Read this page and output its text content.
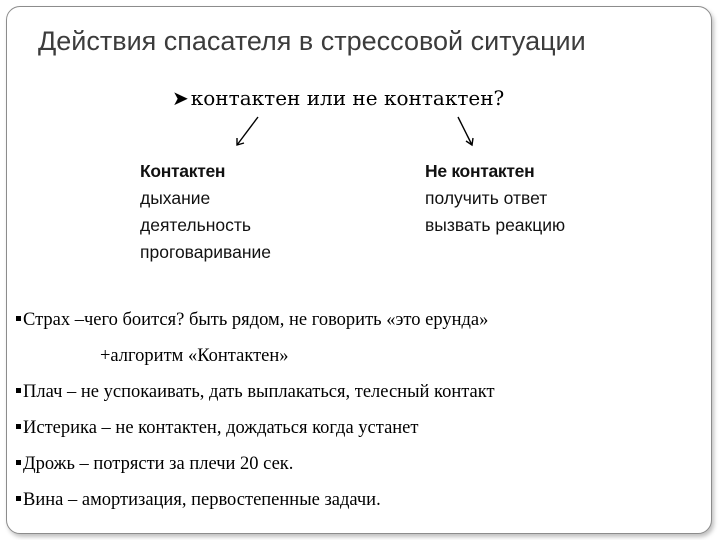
Действия спасателя в стрессовой ситуации
➤ контактен или не контактен?
Контактен
дыхание
деятельность
проговаривание
Не контактен
получить ответ
вызвать реакцию
Страх –чего боится? быть рядом, не говорить «это ерунда»
+алгоритм «Контактен»
Плач – не успокаивать, дать выплакаться, телесный контакт
Истерика – не контактен, дождаться когда устанет
Дрожь – потрясти за плечи 20 сек.
Вина – амортизация, первостепенные задачи.
